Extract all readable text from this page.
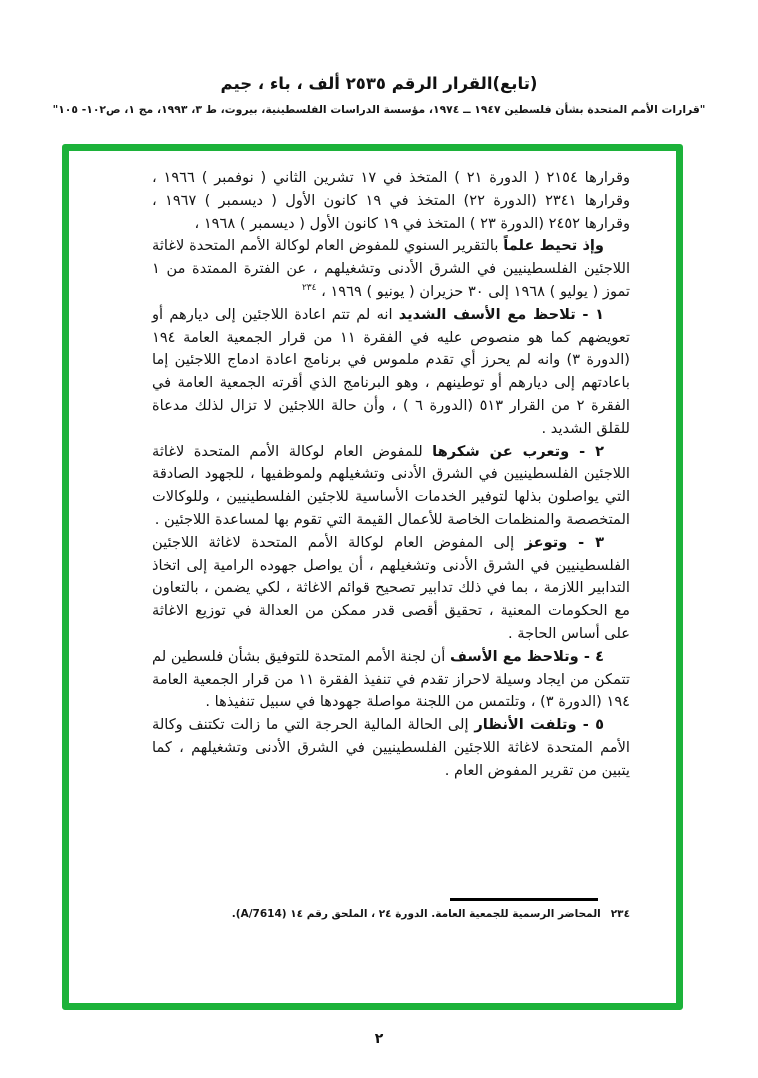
(تابع)القرار الرقم ٢٥٣٥ ألف ، باء ، جيم
"قرارات الأمم المتحدة بشأن فلسطين ١٩٤٧ ــ ١٩٧٤، مؤسسة الدراسات الفلسطينية، بيروت، ط ٣، ١٩٩٣، مج ١، ص١٠٢- ١٠٥"

وقرارها ٢١٥٤ ( الدورة ٢١ ) المتخذ في ١٧ تشرين الثاني ( نوفمبر ) ١٩٦٦ ، وقرارها ٢٣٤١ (الدورة ٢٢) المتخذ في ١٩ كانون الأول ( ديسمبر ) ١٩٦٧ ، وقرارها ٢٤٥٢ (الدورة ٢٣ ) المتخذ في ١٩ كانون الأول ( ديسمبر ) ١٩٦٨ ،

وإذ تحيط علماً بالتقرير السنوي للمفوض العام لوكالة الأمم المتحدة لاغاثة اللاجئين الفلسطينيين في الشرق الأدنى وتشغيلهم ، عن الفترة الممتدة من ١ تموز ( يوليو ) ١٩٦٨ إلى ٣٠ حزيران ( يونيو ) ١٩٦٩ ، $^{٢٣٤}$

١ - تلاحظ مع الأسف الشديد انه لم تتم اعادة اللاجئين إلى ديارهم أو تعويضهم كما هو منصوص عليه في الفقرة ١١ من قرار الجمعية العامة ١٩٤ (الدورة ٣) وانه لم يحرز أي تقدم ملموس في برنامج اعادة ادماج اللاجئين إما باعادتهم إلى ديارهم أو توطينهم ، وهو البرنامج الذي أقرته الجمعية العامة في الفقرة ٢ من القرار ٥١٣ (الدورة ٦ ) ، وأن حالة اللاجئين لا تزال لذلك مدعاة للقلق الشديد .

٢ - وتعرب عن شكرها للمفوض العام لوكالة الأمم المتحدة لاغاثة اللاجئين الفلسطينيين في الشرق الأدنى وتشغيلهم ولموظفيها ، للجهود الصادقة التي يواصلون بذلها لتوفير الخدمات الأساسية للاجئين الفلسطينيين ، وللوكالات المتخصصة والمنظمات الخاصة للأعمال القيمة التي تقوم بها لمساعدة اللاجئين .

٣ - وتوعز إلى المفوض العام لوكالة الأمم المتحدة لاغاثة اللاجئين الفلسطينيين في الشرق الأدنى وتشغيلهم ، أن يواصل جهوده الرامية إلى اتخاذ التدابير اللازمة ، بما في ذلك تدابير تصحيح قوائم الاغاثة ، لكي يضمن ، بالتعاون مع الحكومات المعنية ، تحقيق أقصى قدر ممكن من العدالة في توزيع الاغاثة على أساس الحاجة .

٤ - وتلاحظ مع الأسف أن لجنة الأمم المتحدة للتوفيق بشأن فلسطين لم تتمكن من ايجاد وسيلة لاحراز تقدم في تنفيذ الفقرة ١١ من قرار الجمعية العامة ١٩٤ (الدورة ٣) ، وتلتمس من اللجنة مواصلة جهودها في سبيل تنفيذها .

٥ - وتلفت الأنظار إلى الحالة المالية الحرجة التي ما زالت تكتنف وكالة الأمم المتحدة لاغاثة اللاجئين الفلسطينيين في الشرق الأدنى وتشغيلهم ، كما يتبين من تقرير المفوض العام .

٢٣٤المحاضر الرسمية للجمعية العامة. الدورة ٢٤ ، الملحق رقم ١٤ (A/7614).
٢
